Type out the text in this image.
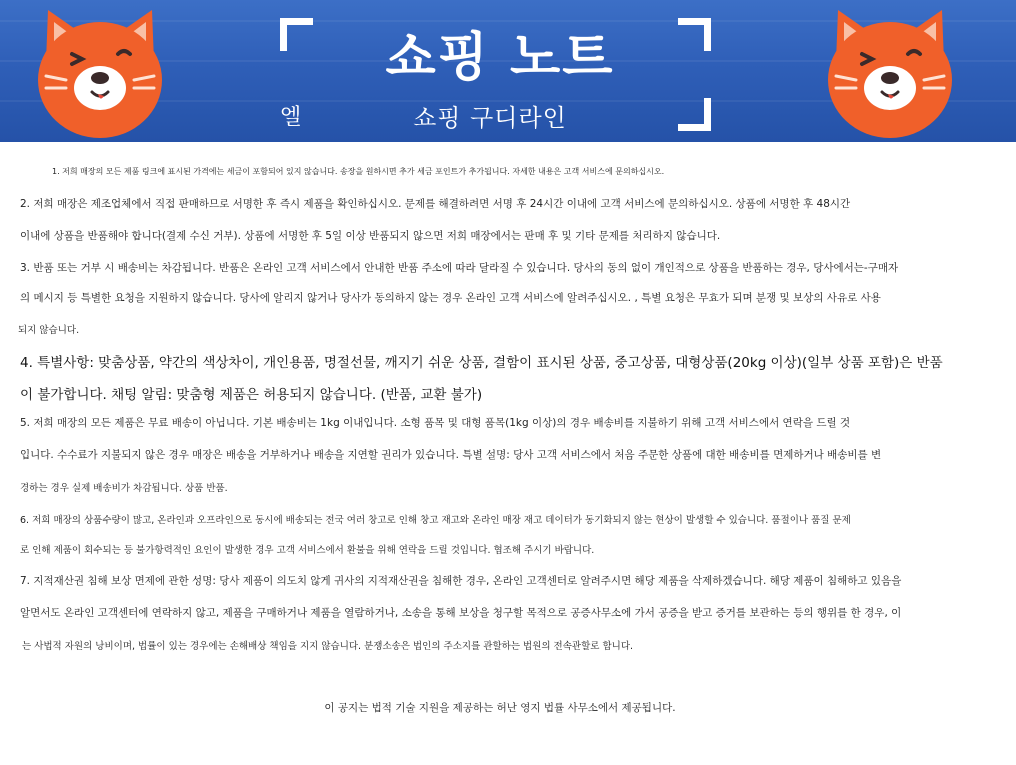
쇼핑 노트
엘	쇼핑 구디라인
1. 저희 매장의 모든 제품 링크에 표시된 가격에는 세금이 포함되어 있지 않습니다. 송장을 원하시면 추가 세금 포인트가 추가됩니다. 자세한 내용은 고객 서비스에 문의하십시오.
2. 저희 매장은 제조업체에서 직접 판매하므로 서명한 후 즉시 제품을 확인하십시오. 문제를 해결하려면 서명 후 24시간 이내에 고객 서비스에 문의하십시오. 상품에 서명한 후 48시간
이내에 상품을 반품해야 합니다(결제 수신 거부). 상품에 서명한 후 5일 이상 반품되지 않으면 저희 매장에서는 판매 후 및 기타 문제를 처리하지 않습니다.
3. 반품 또는 거부 시 배송비는 차감됩니다. 반품은 온라인 고객 서비스에서 안내한 반품 주소에 따라 달라질 수 있습니다. 당사의 동의 없이 개인적으로 상품을 반품하는 경우, 당사에서는-구매자
의 메시지 등 특별한 요청을 지원하지 않습니다. 당사에 알리지 않거나 당사가 동의하지 않는 경우 온라인 고객 서비스에 알려주십시오. , 특별 요청은 무효가 되며 분쟁 및 보상의 사유로 사용
되지 않습니다.
4. 특별사항: 맞춤상품, 약간의 색상차이, 개인용품, 명절선물, 깨지기 쉬운 상품, 결함이 표시된 상품, 중고상품, 대형상품(20kg 이상)(일부 상품 포함)은 반품
이 불가합니다. 채팅 알림: 맞춤형 제품은 허용되지 않습니다. (반품, 교환 불가)
5. 저희 매장의 모든 제품은 무료 배송이 아닙니다. 기본 배송비는 1kg 이내입니다. 소형 품목 및 대형 품목(1kg 이상)의 경우 배송비를 지불하기 위해 고객 서비스에서 연락을 드릴 것
입니다. 수수료가 지불되지 않은 경우 매장은 배송을 거부하거나 배송을 지연할 권리가 있습니다. 특별 설명: 당사 고객 서비스에서 처음 주문한 상품에 대한 배송비를 면제하거나 배송비를 변
경하는 경우 실제 배송비가 차감됩니다. 상품 반품.
6. 저희 매장의 상품수량이 많고, 온라인과 오프라인으로 동시에 배송되는 전국 여러 창고로 인해 창고 재고와 온라인 매장 재고 데이터가 동기화되지 않는 현상이 발생할 수 있습니다. 품절이나 품질 문제
로 인해 제품이 회수되는 등 불가항력적인 요인이 발생한 경우 고객 서비스에서 환불을 위해 연락을 드릴 것입니다. 협조해 주시기 바랍니다.
7. 지적재산권 침해 보상 면제에 관한 성명: 당사 제품이 의도치 않게 귀사의 지적재산권을 침해한 경우, 온라인 고객센터로 알려주시면 해당 제품을 삭제하겠습니다. 해당 제품이 침해하고 있음을
알면서도 온라인 고객센터에 연락하지 않고, 제품을 구매하거나 제품을 열람하거나, 소송을 통해 보상을 청구할 목적으로 공증사무소에 가서 공증을 받고 증거를 보관하는 등의 행위를 한 경우, 이
는 사법적 자원의 낭비이며, 법률이 있는 경우에는 손해배상 책임을 지지 않습니다. 분쟁소송은 법인의 주소지를 관할하는 법원의 전속관할로 합니다.
이 공지는 법적 기술 지원을 제공하는 허난 영지 법률 사무소에서 제공됩니다.
